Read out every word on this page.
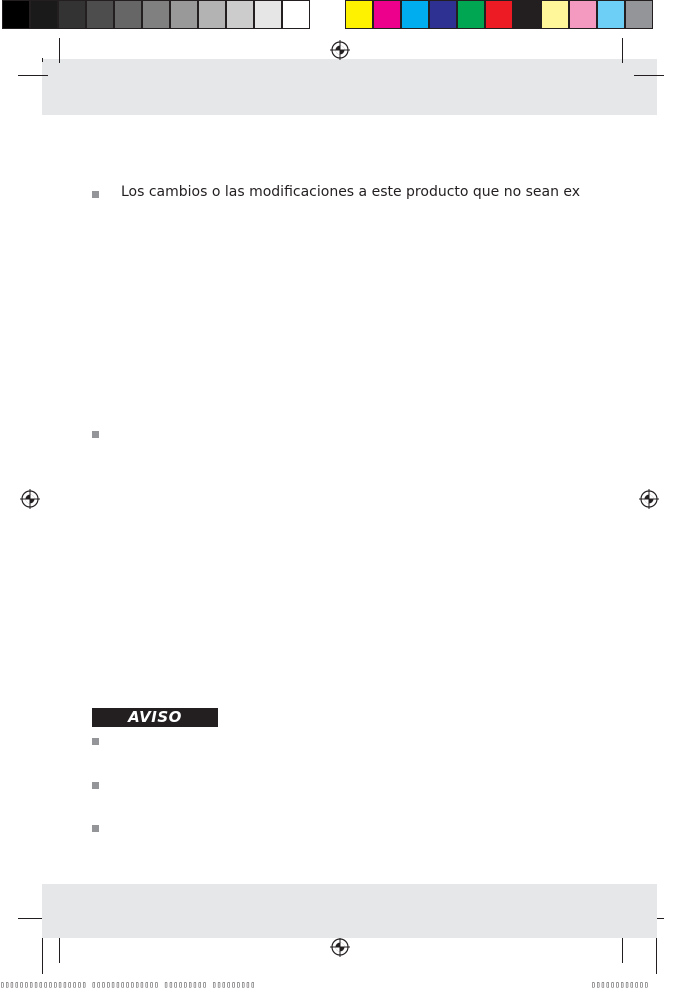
Los cambios o las modificaciones a este producto que no sean ex
AVISO
▯▯▯▯▯▯▯▯▯▯▯▯▯▯▯▯▯▯ ▯▯▯▯▯▯▯▯▯▯▯▯▯▯ ▯▯▯▯▯▯▯▯▯ ▯▯▯▯▯▯▯▯▯	▯▯▯▯▯▯▯▯▯▯▯▯
